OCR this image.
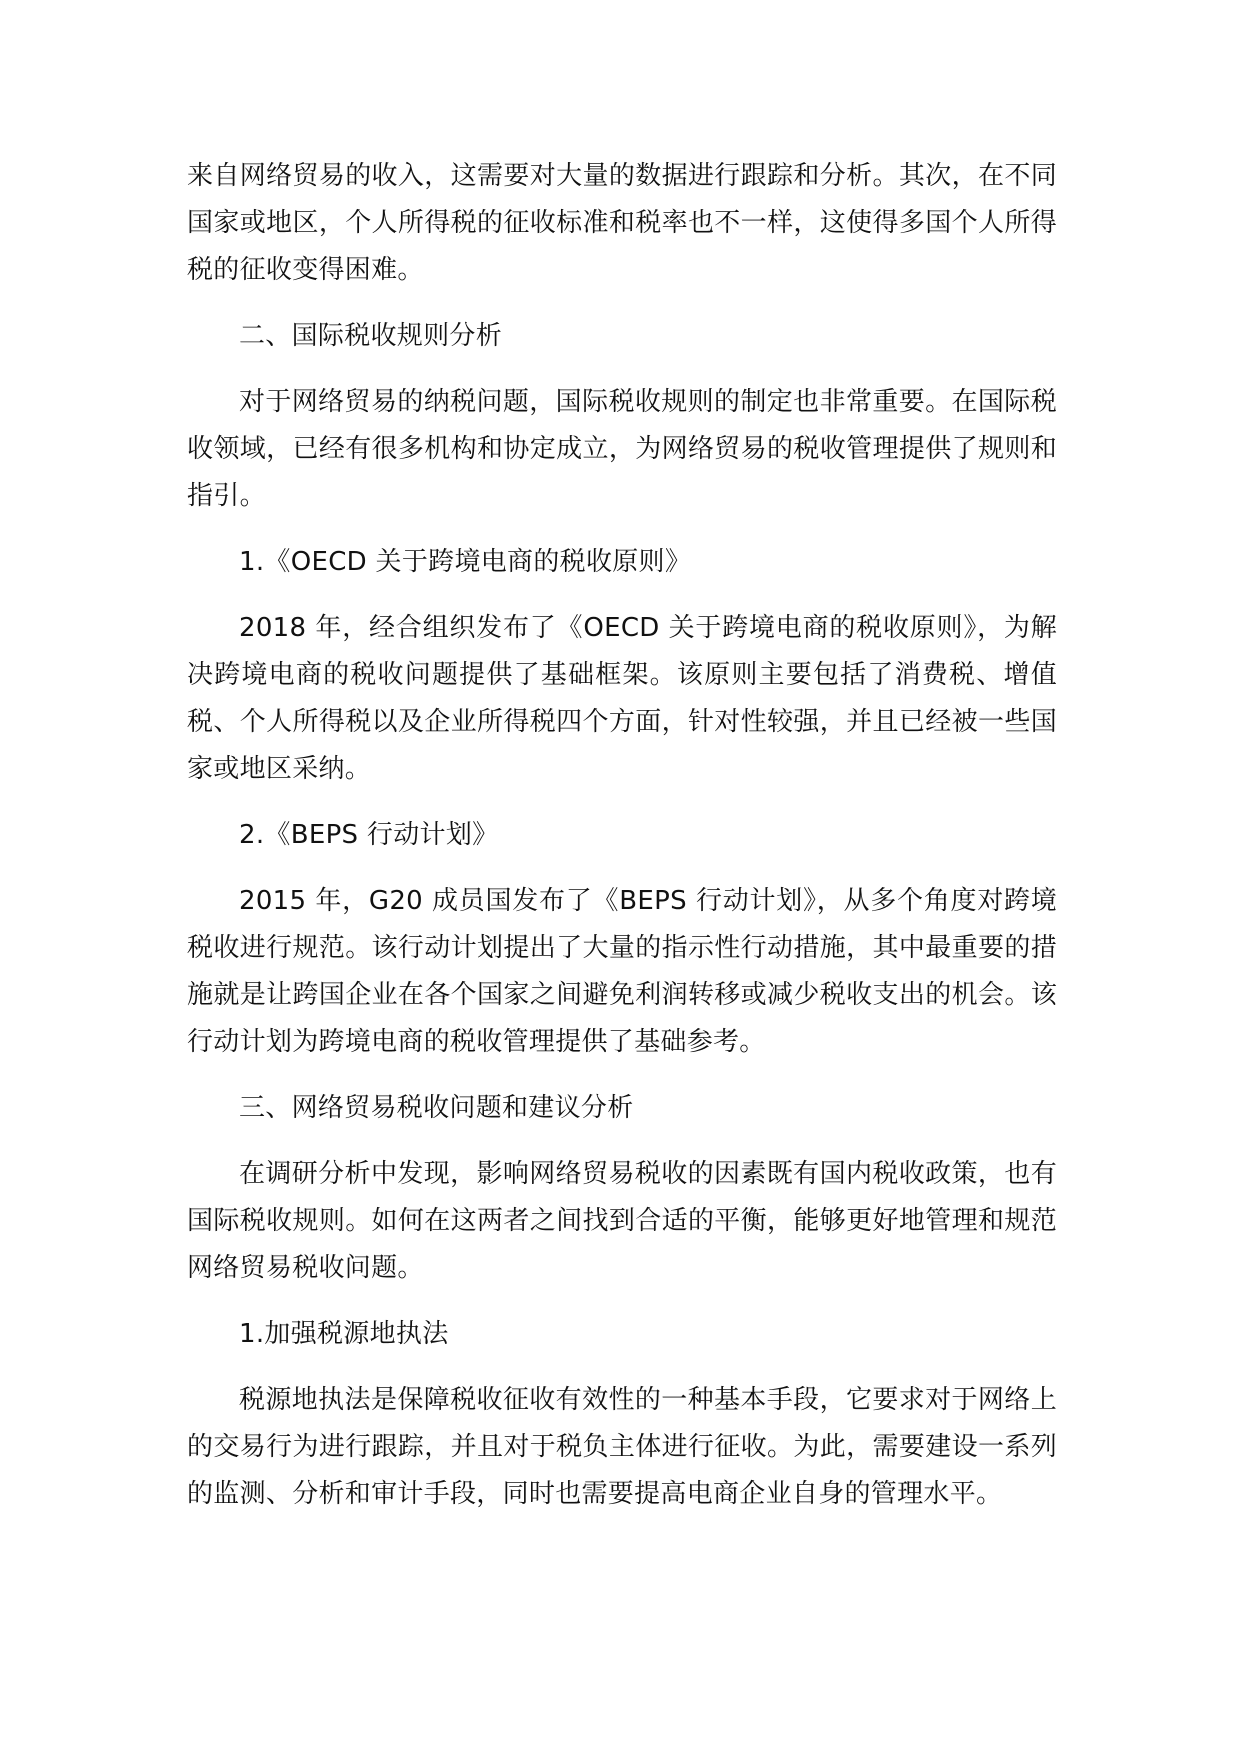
来自网络贸易的收入，这需要对大量的数据进行跟踪和分析。其次，在不同国家或地区，个人所得税的征收标准和税率也不一样，这使得多国个人所得税的征收变得困难。

二、国际税收规则分析

对于网络贸易的纳税问题，国际税收规则的制定也非常重要。在国际税收领域，已经有很多机构和协定成立，为网络贸易的税收管理提供了规则和指引。

1.《OECD 关于跨境电商的税收原则》

2018 年，经合组织发布了《OECD 关于跨境电商的税收原则》，为解决跨境电商的税收问题提供了基础框架。该原则主要包括了消费税、增值税、个人所得税以及企业所得税四个方面，针对性较强，并且已经被一些国家或地区采纳。

2.《BEPS 行动计划》

2015 年，G20 成员国发布了《BEPS 行动计划》，从多个角度对跨境税收进行规范。该行动计划提出了大量的指示性行动措施，其中最重要的措施就是让跨国企业在各个国家之间避免利润转移或减少税收支出的机会。该行动计划为跨境电商的税收管理提供了基础参考。

三、网络贸易税收问题和建议分析

在调研分析中发现，影响网络贸易税收的因素既有国内税收政策，也有国际税收规则。如何在这两者之间找到合适的平衡，能够更好地管理和规范网络贸易税收问题。

1.加强税源地执法

税源地执法是保障税收征收有效性的一种基本手段，它要求对于网络上的交易行为进行跟踪，并且对于税负主体进行征收。为此，需要建设一系列的监测、分析和审计手段，同时也需要提高电商企业自身的管理水平。
